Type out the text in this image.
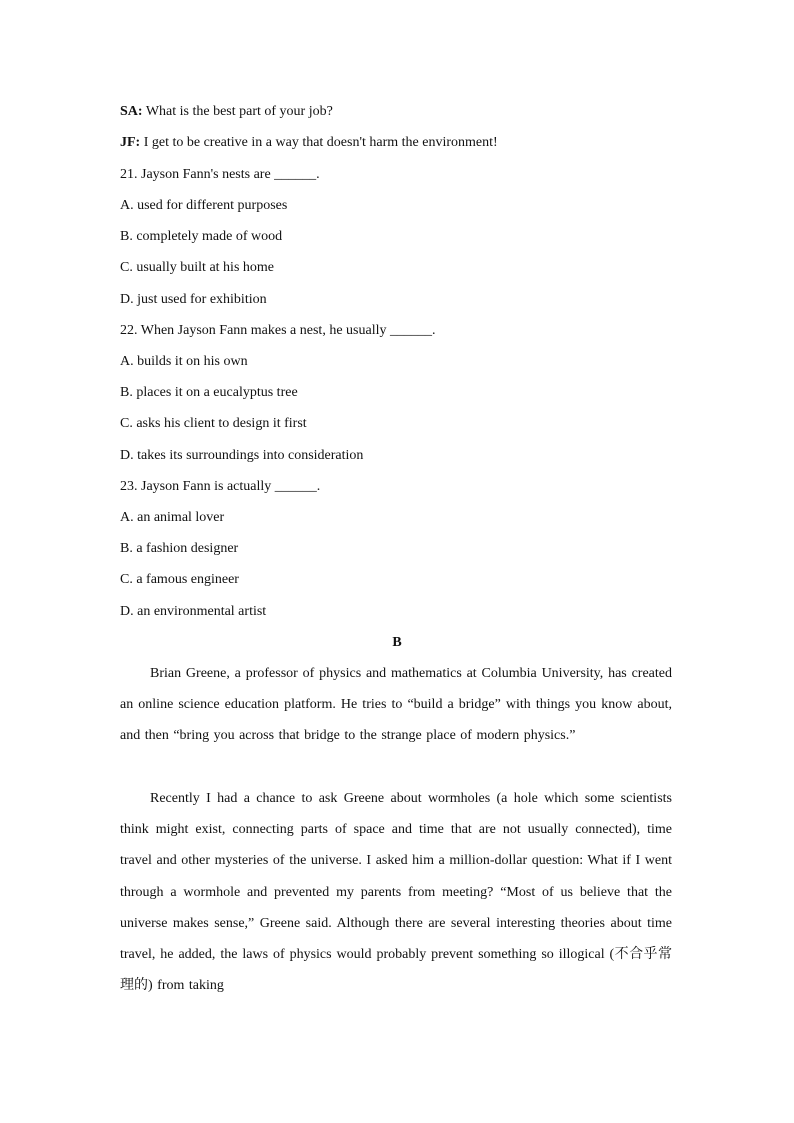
SA: What is the best part of your job?
JF: I get to be creative in a way that doesn't harm the environment!
21. Jayson Fann's nests are ______.
A. used for different purposes
B. completely made of wood
C. usually built at his home
D. just used for exhibition
22. When Jayson Fann makes a nest, he usually ______.
A. builds it on his own
B. places it on a eucalyptus tree
C. asks his client to design it first
D. takes its surroundings into consideration
23. Jayson Fann is actually ______.
A. an animal lover
B. a fashion designer
C. a famous engineer
D. an environmental artist
B

Brian Greene, a professor of physics and mathematics at Columbia University, has created an online science education platform. He tries to “build a bridge” with things you know about, and then “bring you across that bridge to the strange place of modern physics.”

Recently I had a chance to ask Greene about wormholes (a hole which some scientists think might exist, connecting parts of space and time that are not usually connected), time travel and other mysteries of the universe. I asked him a million-dollar question: What if I went through a wormhole and prevented my parents from meeting? “Most of us believe that the universe makes sense,” Greene said. Although there are several interesting theories about time travel, he added, the laws of physics would probably prevent something so illogical (不合乎常理的) from taking
